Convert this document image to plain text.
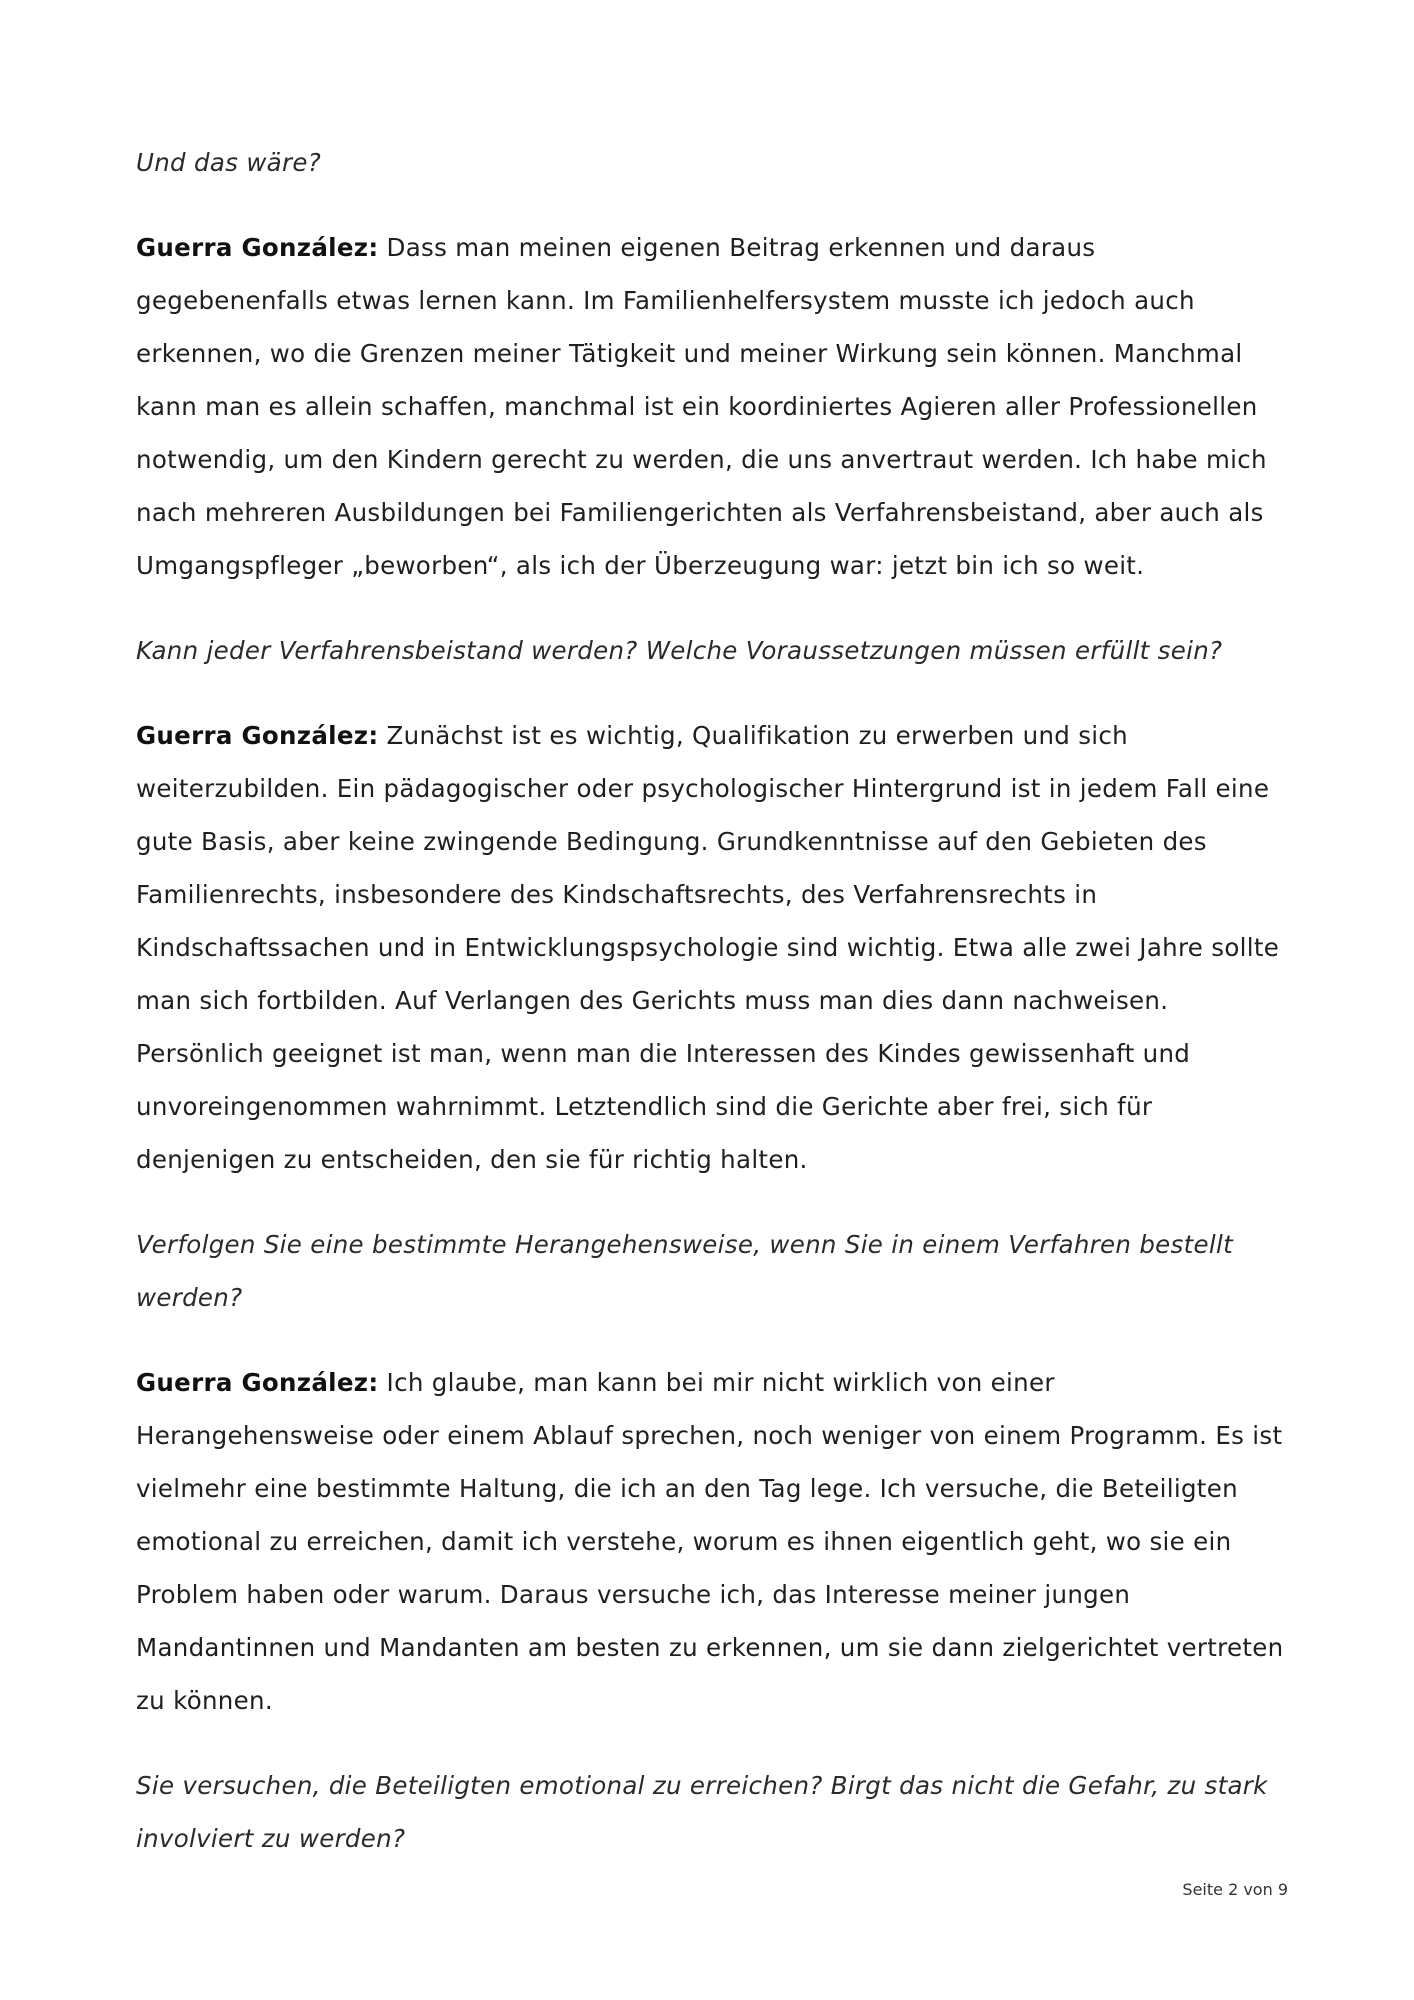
Und das wäre?

Guerra González: Dass man meinen eigenen Beitrag erkennen und daraus gegebenenfalls etwas lernen kann. Im Familienhelfersystem musste ich jedoch auch erkennen, wo die Grenzen meiner Tätigkeit und meiner Wirkung sein können. Manchmal kann man es allein schaffen, manchmal ist ein koordiniertes Agieren aller Professionellen notwendig, um den Kindern gerecht zu werden, die uns anvertraut werden. Ich habe mich nach mehreren Ausbildungen bei Familiengerichten als Verfahrensbeistand, aber auch als Umgangspfleger „beworben“, als ich der Überzeugung war: jetzt bin ich so weit.

Kann jeder Verfahrensbeistand werden? Welche Voraussetzungen müssen erfüllt sein?

Guerra González: Zunächst ist es wichtig, Qualifikation zu erwerben und sich weiterzubilden. Ein pädagogischer oder psychologischer Hintergrund ist in jedem Fall eine gute Basis, aber keine zwingende Bedingung. Grundkenntnisse auf den Gebieten des Familienrechts, insbesondere des Kindschaftsrechts, des Verfahrensrechts in Kindschaftssachen und in Entwicklungspsychologie sind wichtig. Etwa alle zwei Jahre sollte man sich fortbilden. Auf Verlangen des Gerichts muss man dies dann nachweisen. Persönlich geeignet ist man, wenn man die Interessen des Kindes gewissenhaft und unvoreingenommen wahrnimmt. Letztendlich sind die Gerichte aber frei, sich für denjenigen zu entscheiden, den sie für richtig halten.

Verfolgen Sie eine bestimmte Herangehensweise, wenn Sie in einem Verfahren bestellt werden?

Guerra González: Ich glaube, man kann bei mir nicht wirklich von einer Herangehensweise oder einem Ablauf sprechen, noch weniger von einem Programm. Es ist vielmehr eine bestimmte Haltung, die ich an den Tag lege. Ich versuche, die Beteiligten emotional zu erreichen, damit ich verstehe, worum es ihnen eigentlich geht, wo sie ein Problem haben oder warum. Daraus versuche ich, das Interesse meiner jungen Mandantinnen und Mandanten am besten zu erkennen, um sie dann zielgerichtet vertreten zu können.

Sie versuchen, die Beteiligten emotional zu erreichen? Birgt das nicht die Gefahr, zu stark involviert zu werden?

Seite 2 von 9
